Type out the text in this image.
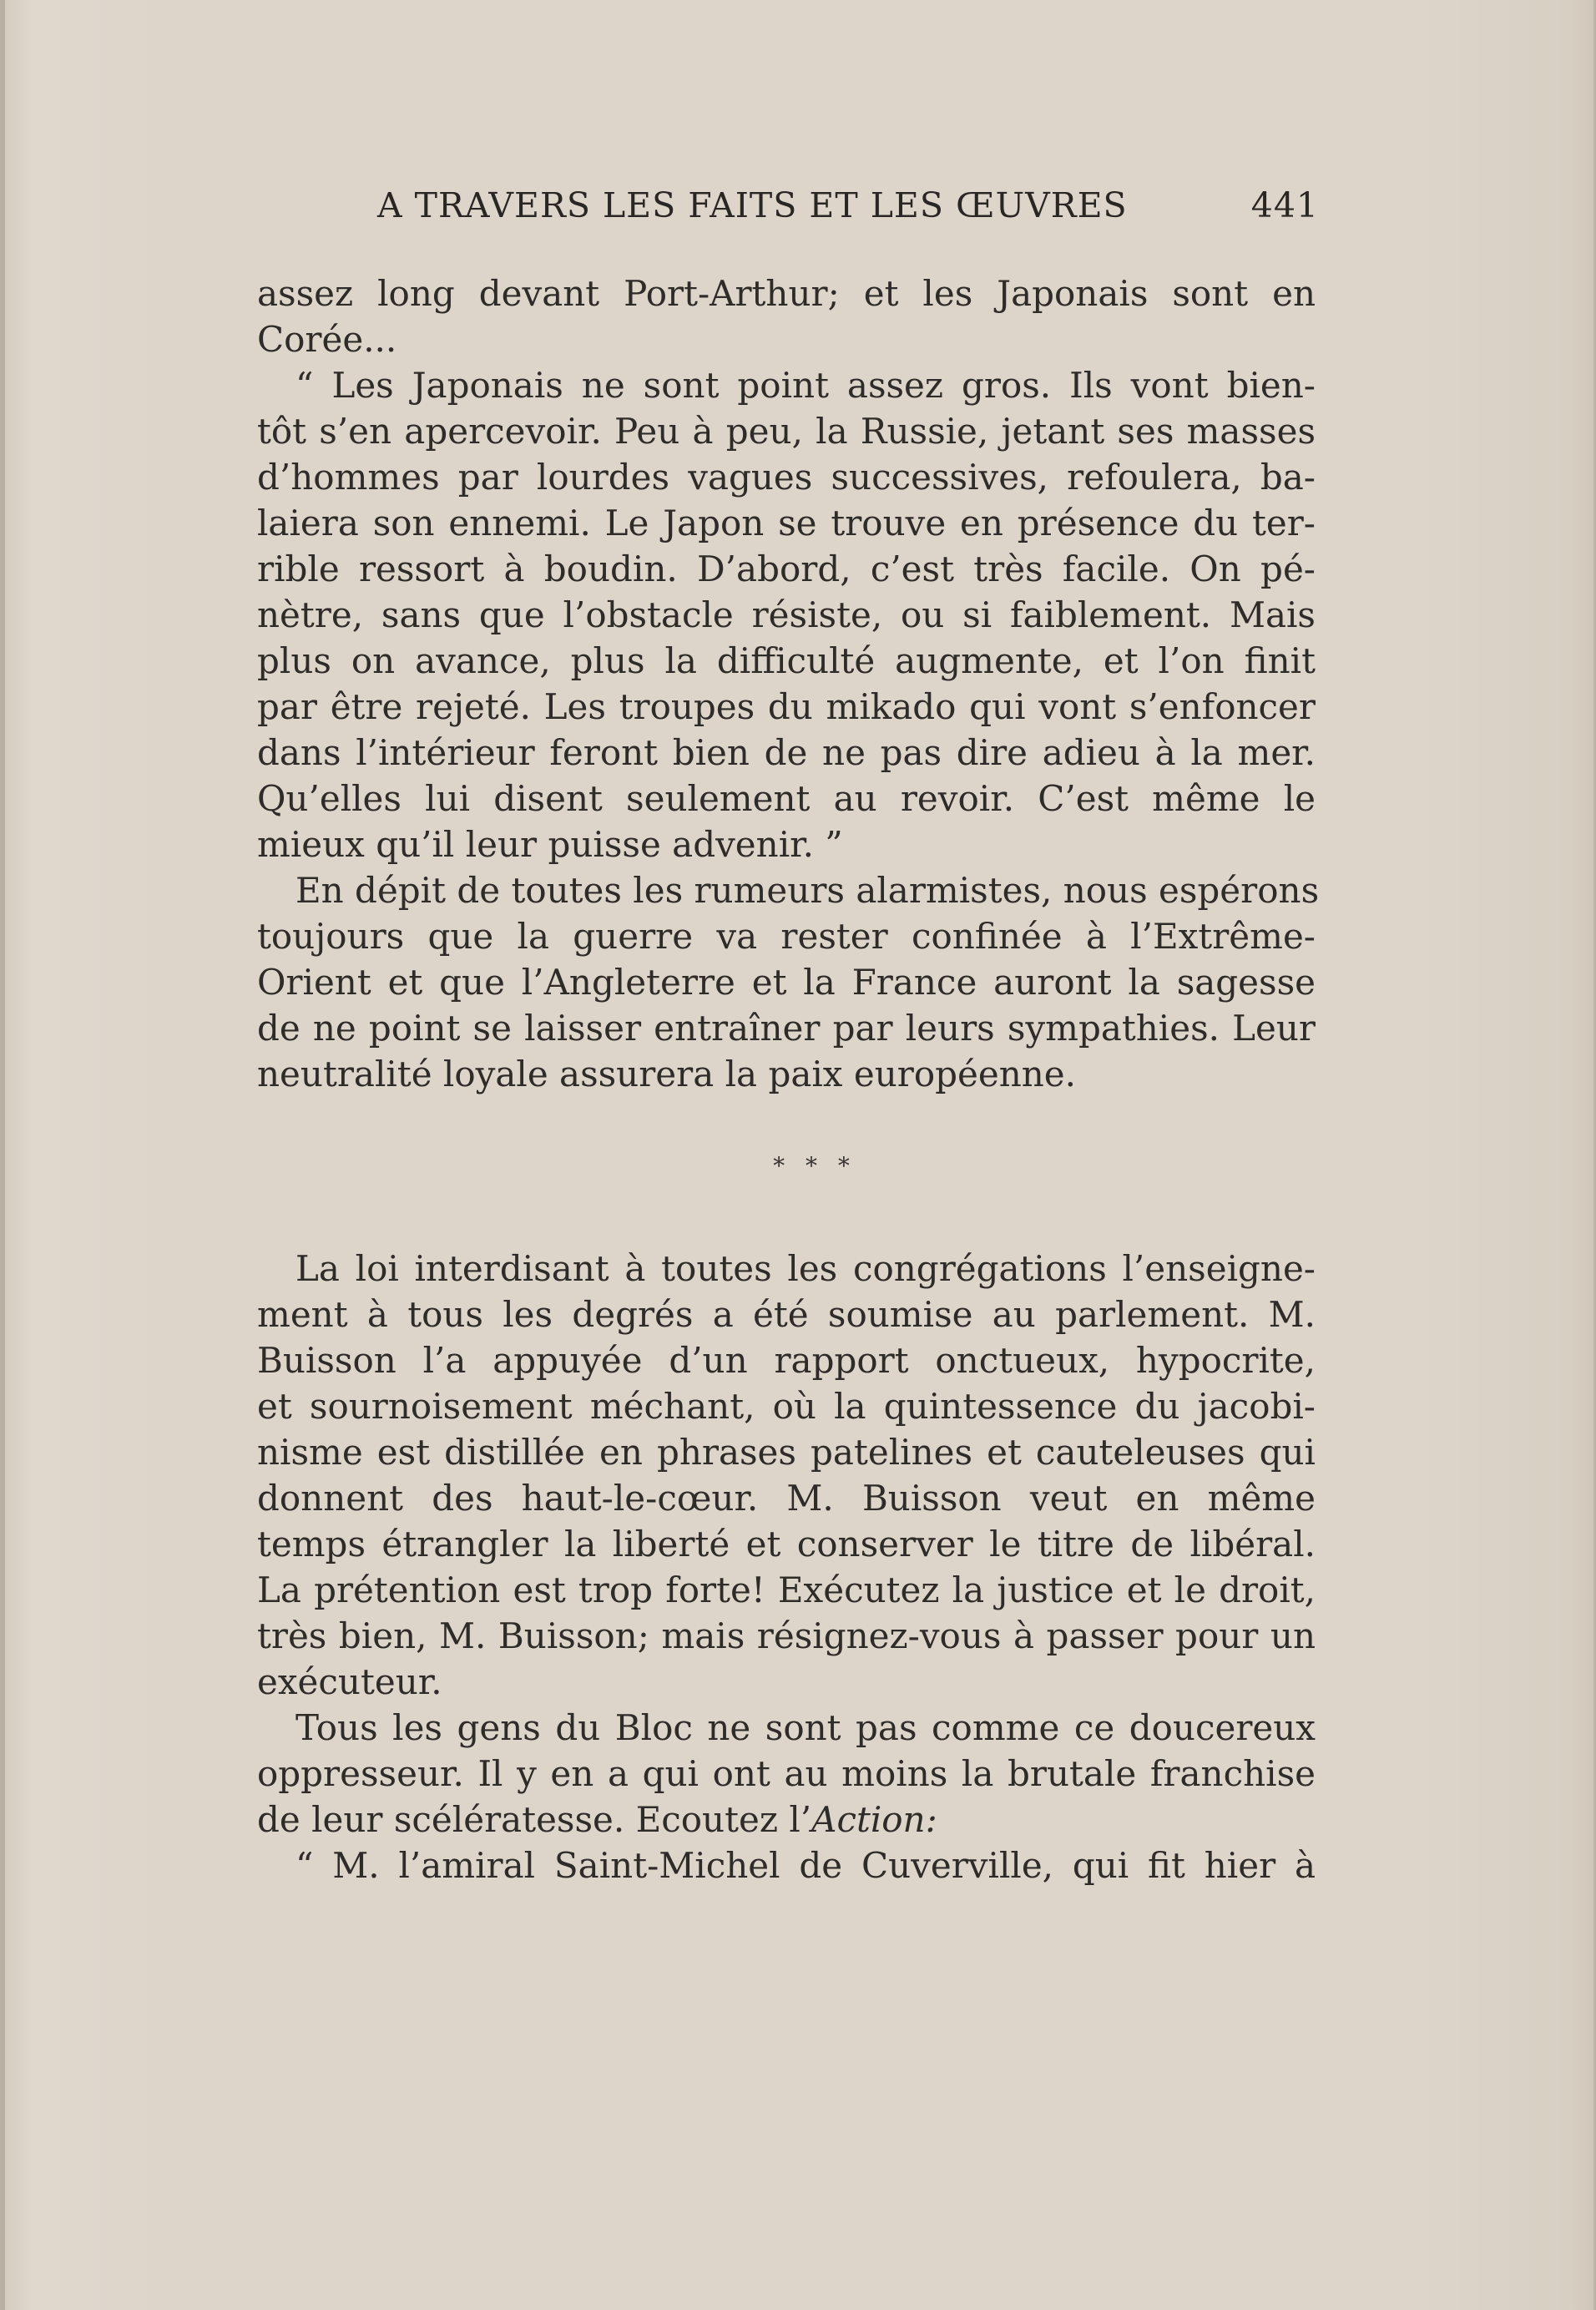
A TRAVERS LES FAITS ET LES ŒUVRES	441
assez long devant Port-Arthur; et les Japonais sont en
Corée...
“ Les Japonais ne sont point assez gros. Ils vont bien-
tôt s’en apercevoir. Peu à peu, la Russie, jetant ses masses
d’hommes par lourdes vagues successives, refoulera, ba-
laiera son ennemi. Le Japon se trouve en présence du ter-
rible ressort à boudin. D’abord, c’est très facile. On pé-
nètre, sans que l’obstacle résiste, ou si faiblement. Mais
plus on avance, plus la difficulté augmente, et l’on finit
par être rejeté. Les troupes du mikado qui vont s’enfoncer
dans l’intérieur feront bien de ne pas dire adieu à la mer.
Qu’elles lui disent seulement au revoir. C’est même le
mieux qu’il leur puisse advenir. ”
En dépit de toutes les rumeurs alarmistes, nous espérons
toujours que la guerre va rester confinée à l’Extrême-
Orient et que l’Angleterre et la France auront la sagesse
de ne point se laisser entraîner par leurs sympathies. Leur
neutralité loyale assurera la paix européenne.
* * *
La loi interdisant à toutes les congrégations l’enseigne-
ment à tous les degrés a été soumise au parlement. M.
Buisson l’a appuyée d’un rapport onctueux, hypocrite,
et sournoisement méchant, où la quintessence du jacobi-
nisme est distillée en phrases patelines et cauteleuses qui
donnent des haut-le-cœur. M. Buisson veut en même
temps étrangler la liberté et conserver le titre de libéral.
La prétention est trop forte! Exécutez la justice et le droit,
très bien, M. Buisson; mais résignez-vous à passer pour un
exécuteur.
Tous les gens du Bloc ne sont pas comme ce doucereux
oppresseur. Il y en a qui ont au moins la brutale franchise
de leur scélératesse. Ecoutez l’Action:
“ M. l’amiral Saint-Michel de Cuverville, qui fit hier à
